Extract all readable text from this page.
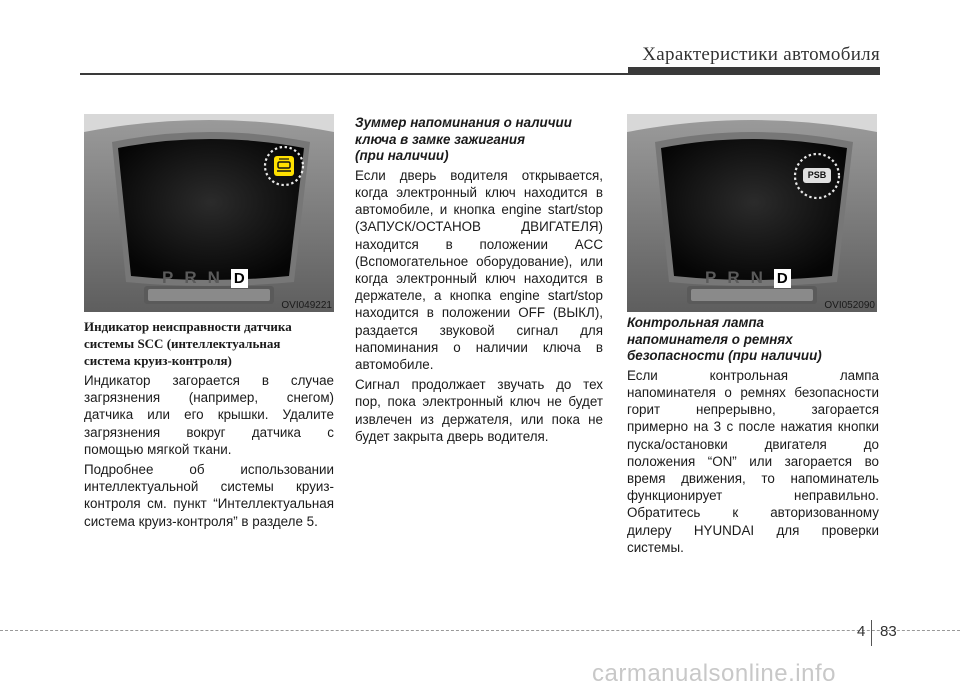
Характеристики автомобиля
P R N D
OVI049221
PSB
P R N D
OVI052090
Индикатор неисправности датчика
системы SCC (интеллектуальная
система круиз-контроля)

Индикатор загорается в случае
загрязнения (например, снегом)
датчика или его крышки. Удалите
загрязнения вокруг датчика с
помощью мягкой ткани.

Подробнее об использовании
интеллектуальной системы круиз-
контроля см. пункт “Интеллектуальная
система круиз-контроля” в разделе 5.

Зуммер напоминания о наличии
ключа в замке зажигания
(при наличии)

Если дверь водителя открывается,
когда электронный ключ находится в
автомобиле, и кнопка engine start/stop
(ЗАПУСК/ОСТАНОВ ДВИГАТЕЛЯ)
находится в положении ACC
(Вспомогательное оборудование), или
когда электронный ключ находится в
держателе, а кнопка engine start/stop
находится в положении OFF (ВЫКЛ),
раздается звуковой сигнал для
напоминания о наличии ключа в
автомобиле.

Сигнал продолжает звучать до тех
пор, пока электронный ключ не будет
извлечен из держателя, или пока не
будет закрыта дверь водителя.

Контрольная лампа
напоминателя о ремнях
безопасности (при наличии)

Если контрольная лампа
напоминателя о ремнях безопасности
горит непрерывно, загорается
примерно на 3 с после нажатия кнопки
пуска/остановки двигателя до
положения “ON” или загорается во
время движения, то напоминатель
функционирует неправильно.
Обратитесь к авторизованному
дилеру HYUNDAI для проверки
системы.

4 83
carmanualsonline.info
